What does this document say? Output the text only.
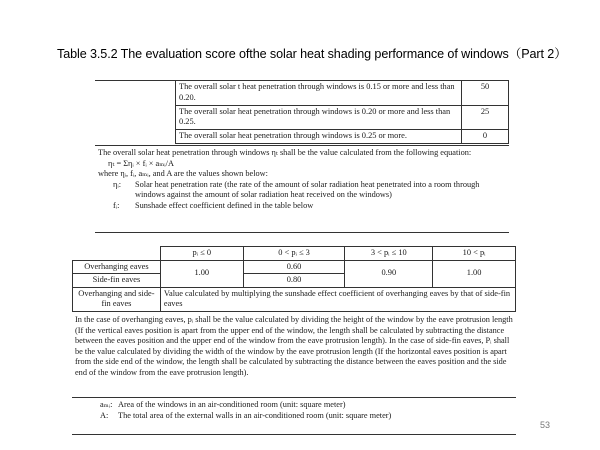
Table 3.5.2 The evaluation score ofthe solar heat shading performance of windows（Part 2）
The overall solar t heat penetration through windows is 0.15 or more and less than 0.20.	50
The overall solar heat penetration through windows is 0.20 or more and less than 0.25.	25
The overall solar heat penetration through windows is 0.25 or more.	0

The overall solar heat penetration through windows ηₜ shall be the value calculated from the following equation:

ηₜ = Σηᵢ × fᵢ × aₘᵢ/A

where ηᵢ, fᵢ, aₘᵢ, and A are the values shown below:

ηᵢ:	Solar heat penetration rate (the rate of the amount of solar radiation heat penetrated into a room through windows against the amount of solar radiation heat received on the windows)
fᵢ:	Sunshade effect coefficient defined in the table below
	pᵢ ≤ 0	0 < pᵢ ≤ 3	3 < pᵢ ≤ 10	10 < pᵢ
Overhanging eaves	1.00	0.60	0.90	1.00
Side-fin eaves		0.80		
Overhanging and side-fin eaves	Value calculated by multiplying the sunshade effect coefficient of overhanging eaves by that of side-fin eaves			

In the case of overhanging eaves, pᵢ shall be the value calculated by dividing the height of the window by the eave protrusion length (If the vertical eaves position is apart from the upper end of the window, the length shall be calculated by subtracting the distance between the eaves position and the upper end of the window from the eave protrusion length). In the case of side-fin eaves, Pᵢ shall be the value calculated by dividing the width of the window by the eave protrusion length (If the horizontal eaves position is apart from the side end of the window, the length shall be calculated by subtracting the distance between the eaves position and the side end of the window from the eave protrusion length).

aₘᵢ: Area of the windows in an air-conditioned room (unit: square meter)
A:	The total area of the external walls in an air-conditioned room (unit: square meter)
53
